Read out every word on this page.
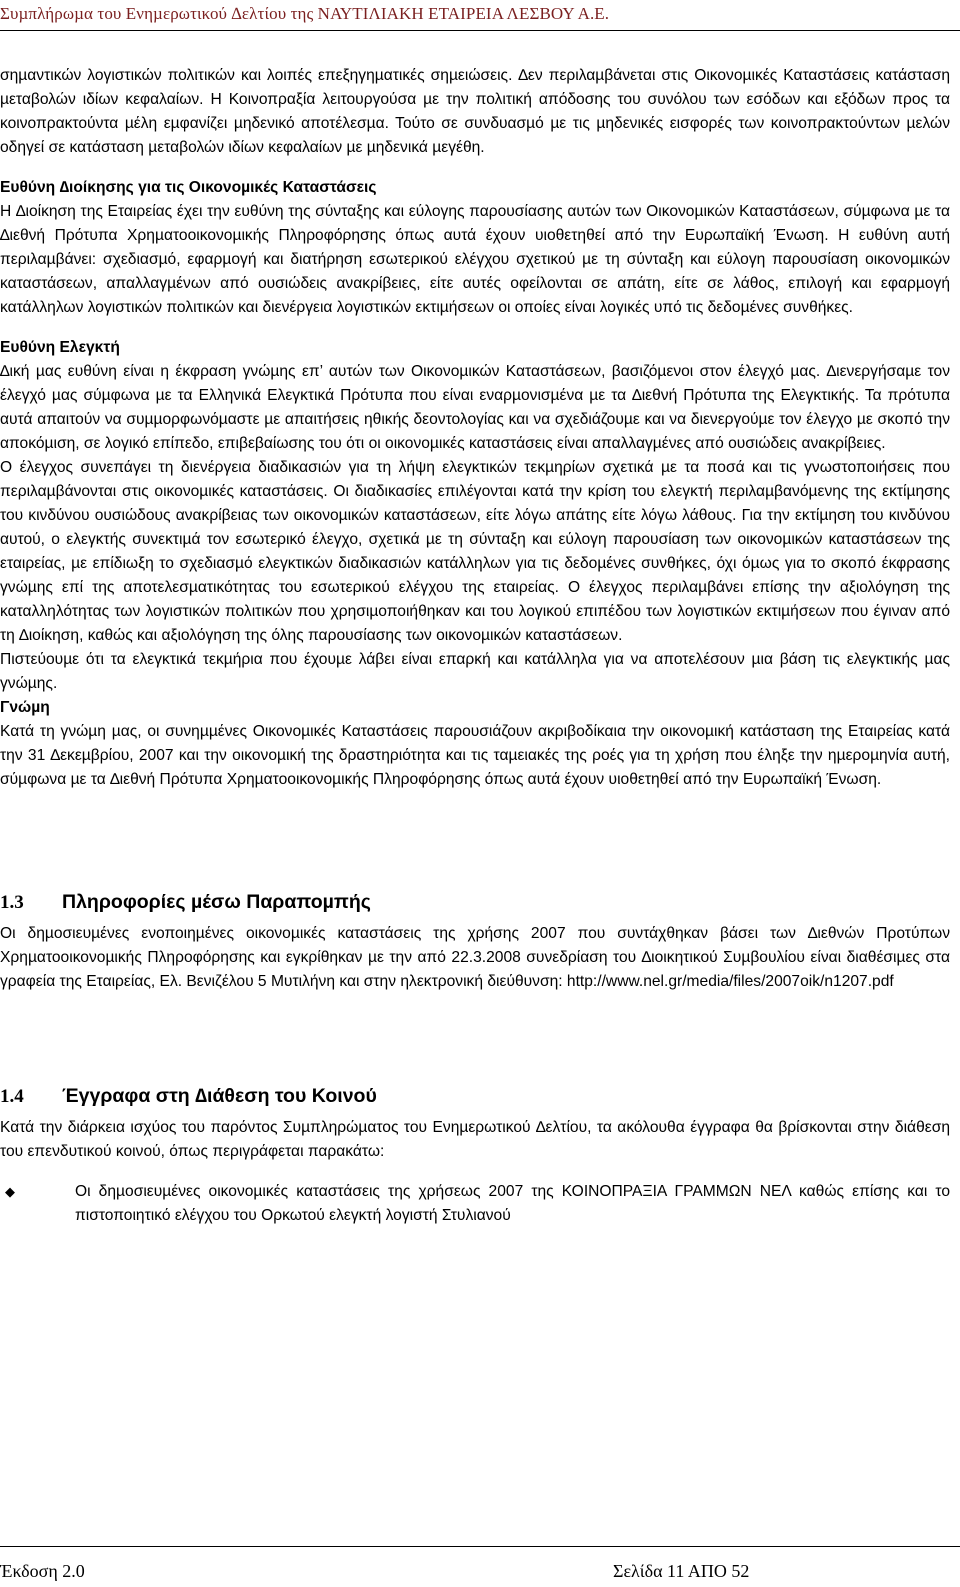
Συµπλήρωµα του Ενηµερωτικού ∆ελτίου της ΝΑΥΤΙΛΙΑΚΗ ΕΤΑΙΡΕΙΑ ΛΕΣΒΟΥ Α.Ε.

σηµαντικών λογιστικών πολιτικών και λοιπές επεξηγηµατικές σηµειώσεις. ∆εν περιλαµβάνεται στις Οικονοµικές Καταστάσεις κατάσταση µεταβολών ιδίων κεφαλαίων. Η Κοινοπραξία λειτουργούσα µε την πολιτική απόδοσης του συνόλου των εσόδων και εξόδων προς τα κοινοπρακτούντα µέλη εµφανίζει µηδενικό αποτέλεσµα. Τούτο σε συνδυασµό µε τις µηδενικές εισφορές των κοινοπρακτούντων µελών οδηγεί σε κατάσταση µεταβολών ιδίων κεφαλαίων µε µηδενικά µεγέθη.

Ευθύνη ∆ιοίκησης για τις Οικονοµικές Καταστάσεις

Η ∆ιοίκηση της Εταιρείας έχει την ευθύνη της σύνταξης και εύλογης παρουσίασης αυτών των Οικονοµικών Καταστάσεων, σύµφωνα µε τα ∆ιεθνή Πρότυπα Χρηµατοοικονοµικής Πληροφόρησης όπως αυτά έχουν υιοθετηθεί από την Ευρωπαϊκή Ένωση. Η ευθύνη αυτή περιλαµβάνει: σχεδιασµό, εφαρµογή και διατήρηση εσωτερικού ελέγχου σχετικού µε τη σύνταξη και εύλογη παρουσίαση οικονοµικών καταστάσεων, απαλλαγµένων από ουσιώδεις ανακρίβειες, είτε αυτές οφείλονται σε απάτη, είτε σε λάθος, επιλογή και εφαρµογή κατάλληλων λογιστικών πολιτικών και διενέργεια λογιστικών εκτιµήσεων οι οποίες είναι λογικές υπό τις δεδοµένες συνθήκες.

Ευθύνη Ελεγκτή

∆ική µας ευθύνη είναι η έκφραση γνώµης επ’ αυτών των Οικονοµικών Καταστάσεων, βασιζόµενοι στον έλεγχό µας. ∆ιενεργήσαµε τον έλεγχό µας σύµφωνα µε τα Ελληνικά Ελεγκτικά Πρότυπα που είναι εναρµονισµένα µε τα ∆ιεθνή Πρότυπα της Ελεγκτικής. Τα πρότυπα αυτά απαιτούν να συµµορφωνόµαστε µε απαιτήσεις ηθικής δεοντολογίας και να σχεδιάζουµε και να διενεργούµε τον έλεγχο µε σκοπό την αποκόµιση, σε λογικό επίπεδο, επιβεβαίωσης του ότι οι οικονοµικές καταστάσεις είναι απαλλαγµένες από ουσιώδεις ανακρίβειες.

Ο έλεγχος συνεπάγει τη διενέργεια διαδικασιών για τη λήψη ελεγκτικών τεκµηρίων σχετικά µε τα ποσά και τις γνωστοποιήσεις που περιλαµβάνονται στις οικονοµικές καταστάσεις. Οι διαδικασίες επιλέγονται κατά την κρίση του ελεγκτή περιλαµβανόµενης της εκτίµησης του κινδύνου ουσιώδους ανακρίβειας των οικονοµικών καταστάσεων, είτε λόγω απάτης είτε λόγω λάθους. Για την εκτίµηση του κινδύνου αυτού, ο ελεγκτής συνεκτιµά τον εσωτερικό έλεγχο, σχετικά µε τη σύνταξη και εύλογη παρουσίαση των οικονοµικών καταστάσεων της εταιρείας, µε επίδιωξη το σχεδιασµό ελεγκτικών διαδικασιών κατάλληλων για τις δεδοµένες συνθήκες, όχι όµως για το σκοπό έκφρασης γνώµης επί της αποτελεσµατικότητας του εσωτερικού ελέγχου της εταιρείας. Ο έλεγχος περιλαµβάνει επίσης την αξιολόγηση της καταλληλότητας των λογιστικών πολιτικών που χρησιµοποιήθηκαν και του λογικού επιπέδου των λογιστικών εκτιµήσεων που έγιναν από τη ∆ιοίκηση, καθώς και αξιολόγηση της όλης παρουσίασης των οικονοµικών καταστάσεων.

Πιστεύουµε ότι τα ελεγκτικά τεκµήρια που έχουµε λάβει είναι επαρκή και κατάλληλα για να αποτελέσουν µια βάση τις ελεγκτικής µας γνώµης.

Γνώµη

Κατά τη γνώµη µας, οι συνηµµένες Οικονοµικές Καταστάσεις παρουσιάζουν ακριβοδίκαια την οικονοµική κατάσταση της Εταιρείας κατά την 31 ∆εκεµβρίου, 2007 και την οικονοµική της δραστηριότητα και τις ταµειακές της ροές για τη χρήση που έληξε την ηµεροµηνία αυτή, σύµφωνα µε τα ∆ιεθνή Πρότυπα Χρηµατοοικονοµικής Πληροφόρησης όπως αυτά έχουν υιοθετηθεί από την Ευρωπαϊκή Ένωση.

1.3 Πληροφορίες µέσω Παραποµπής

Οι δηµοσιευµένες ενοποιηµένες οικονοµικές καταστάσεις της χρήσης 2007 που συντάχθηκαν βάσει των ∆ιεθνών Προτύπων Χρηµατοοικονοµικής Πληροφόρησης και εγκρίθηκαν µε την από 22.3.2008 συνεδρίαση του ∆ιοικητικού Συµβουλίου είναι διαθέσιµες στα γραφεία της Εταιρείας, Ελ. Βενιζέλου 5 Μυτιλήνη και στην ηλεκτρονική διεύθυνση: http://www.nel.gr/media/files/2007oik/n1207.pdf

1.4 Έγγραφα στη ∆ιάθεση του Κοινού

Κατά την διάρκεια ισχύος του παρόντος Συµπληρώµατος του Ενηµερωτικού ∆ελτίου, τα ακόλουθα έγγραφα θα βρίσκονται στην διάθεση του επενδυτικού κοινού, όπως περιγράφεται παρακάτω:

◆	Οι δηµοσιευµένες οικονοµικές καταστάσεις της χρήσεως 2007 της ΚΟΙΝΟΠΡΑΞΙΑ ΓΡΑΜΜΩΝ ΝΕΛ καθώς επίσης και το πιστοποιητικό ελέγχου του Ορκωτού ελεγκτή λογιστή Στυλιανού

Έκδοση 2.0	Σελίδα 11 ΑΠΟ 52
